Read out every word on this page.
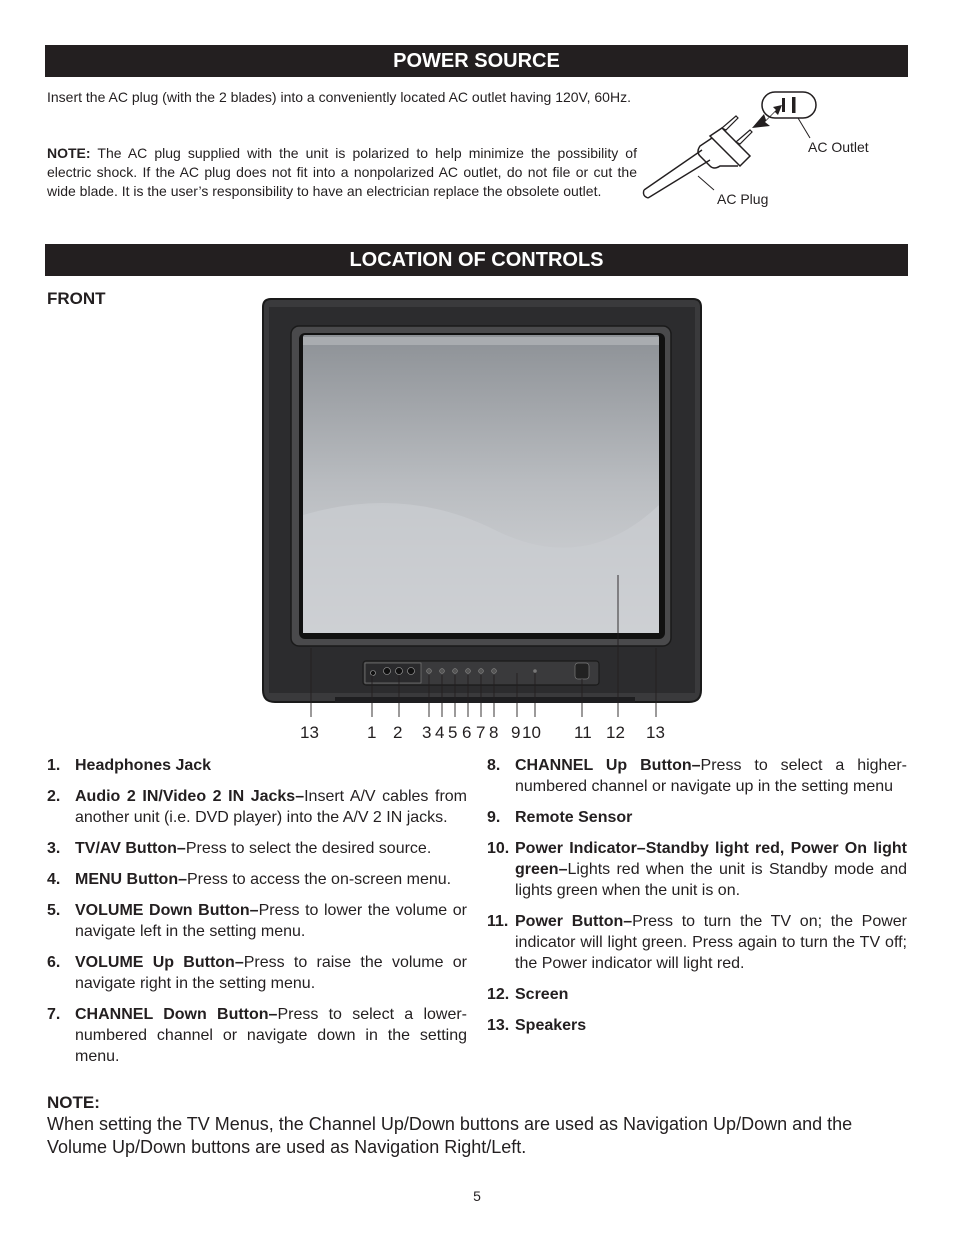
POWER SOURCE

Insert the AC plug (with the 2 blades) into a conveniently located AC outlet having 120V, 60Hz.

NOTE: The AC plug supplied with the unit is polarized to help minimize the possibility of electric shock. If the AC plug does not fit into a nonpolarized AC outlet, do not file or cut the wide blade. It is the user’s responsibility to have an electrician replace the obsolete outlet.

AC Outlet
AC Plug
LOCATION OF CONTROLS

FRONT

13	1 2 3 4 5 6 7 8 9 10 11 12 13
1. Headphones Jack
2. Audio 2 IN/Video 2 IN Jacks–Insert A/V cables from another unit (i.e. DVD player) into the A/V 2 IN jacks.
3. TV/AV Button–Press to select the desired source.
4. MENU Button–Press to access the on-screen menu.
5. VOLUME Down Button–Press to lower the volume or navigate left in the setting menu.
6. VOLUME Up Button–Press to raise the volume or navigate right in the setting menu.
7. CHANNEL Down Button–Press to select a lower-numbered channel or navigate down in the setting menu.
8. CHANNEL Up Button–Press to select a higher-numbered channel or navigate up in the setting menu
9. Remote Sensor
10. Power Indicator–Standby light red, Power On light green–Lights red when the unit is Standby mode and lights green when the unit is on.
11. Power Button–Press to turn the TV on; the Power indicator will light green. Press again to turn the TV off; the Power indicator will light red.
12. Screen
13. Speakers

NOTE:

When setting the TV Menus, the Channel Up/Down buttons are used as Navigation Up/Down and the Volume Up/Down buttons are used as Navigation Right/Left.

5
